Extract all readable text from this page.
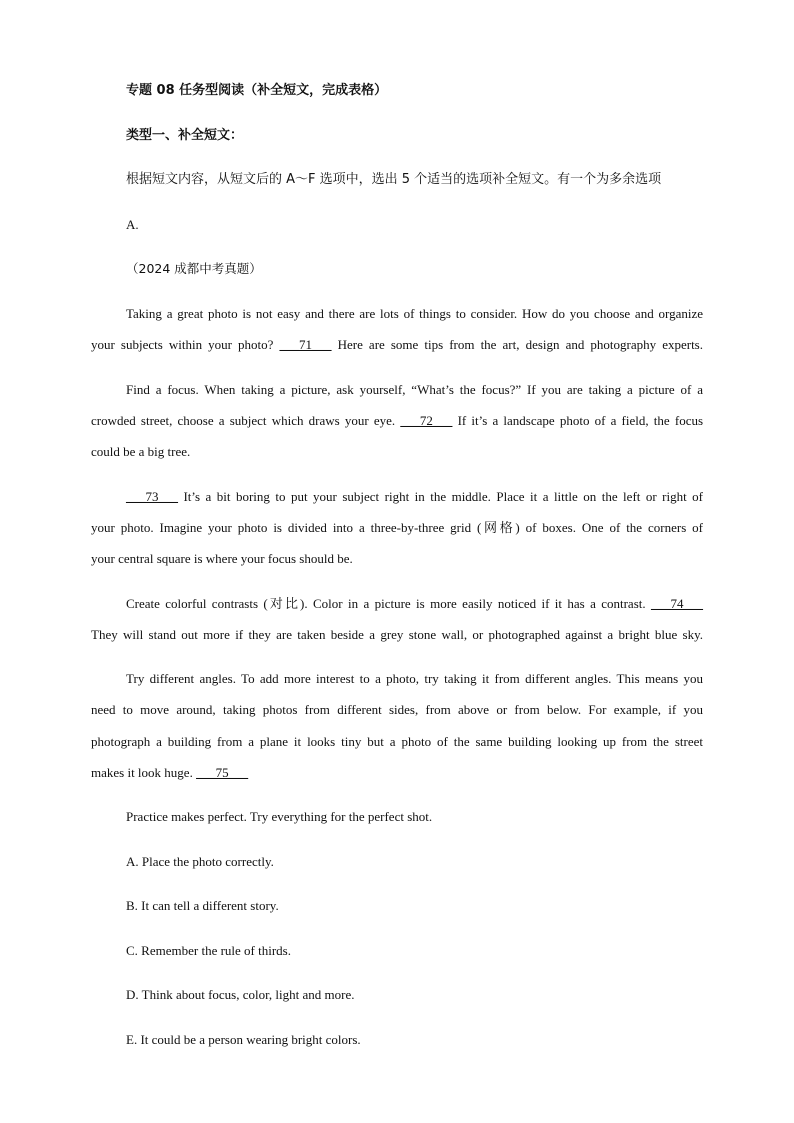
专题 08 任务型阅读（补全短文，完成表格）
类型一、补全短文：
根据短文内容，从短文后的 A～F 选项中，选出 5 个适当的选项补全短文。有一个为多余选项
A.
（2024 成都中考真题）
Taking a great photo is not easy and there are lots of things to consider. How do you choose and organize
your subjects within your photo? ___71___ Here are some tips from the art, design and photography experts.
Find a focus. When taking a picture, ask yourself, “What’s the focus?” If you are taking a picture of a
crowded street, choose a subject which draws your eye. ___72___ If it’s a landscape photo of a field, the focus
could be a big tree.
___73___ It’s a bit boring to put your subject right in the middle. Place it a little on the left or right of
your photo. Imagine your photo is divided into a three-by-three grid (网格) of boxes. One of the corners of
your central square is where your focus should be.
Create colorful contrasts (对比). Color in a picture is more easily noticed if it has a contrast. ___74___
They will stand out more if they are taken beside a grey stone wall, or photographed against a bright blue sky.
Try different angles. To add more interest to a photo, try taking it from different angles. This means you
need to move around, taking photos from different sides, from above or from below. For example, if you
photograph a building from a plane it looks tiny but a photo of the same building looking up from the street
makes it look huge. ___75___
Practice makes perfect. Try everything for the perfect shot.
A. Place the photo correctly.
B. It can tell a different story.
C. Remember the rule of thirds.
D. Think about focus, color, light and more.
E. It could be a person wearing bright colors.
